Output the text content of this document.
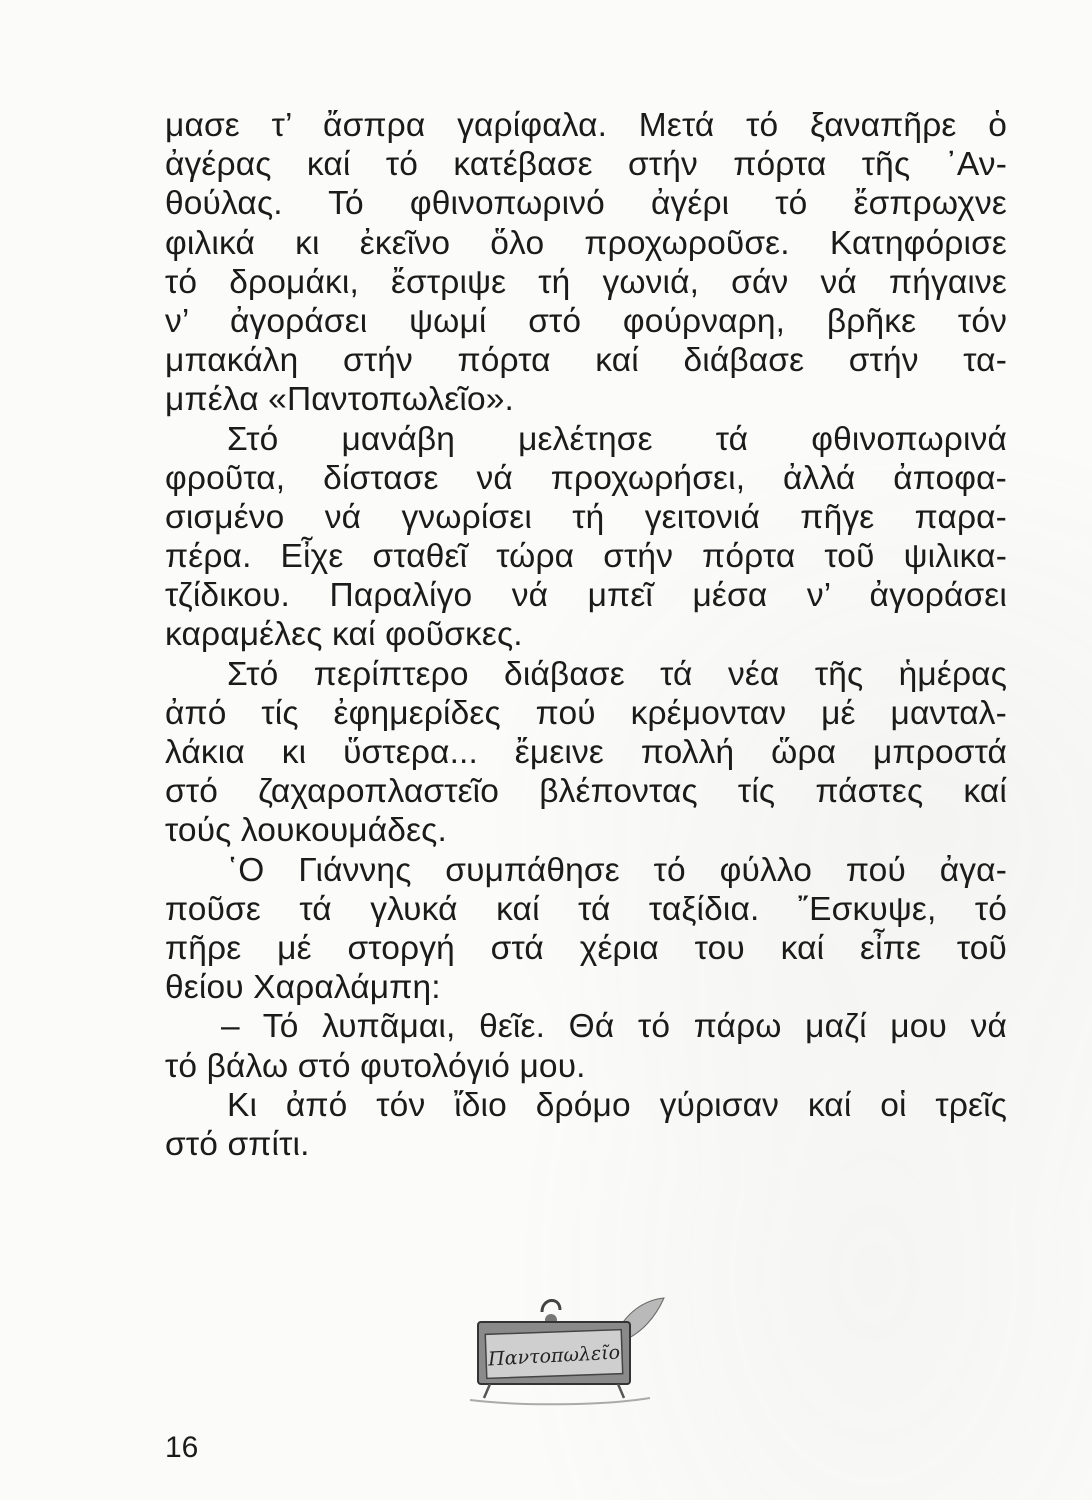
μασε τ’ ἄσπρα γαρίφαλα. Μετά τό ξαναπῆρε ὁ
ἀγέρας καί τό κατέβασε στήν πόρτα τῆς ᾿Αν-
θούλας. Τό φθινοπωρινό ἀγέρι τό ἔσπρωχνε
φιλικά κι ἐκεῖνο ὅλο προχωροῦσε. Κατηφόρισε
τό δρομάκι, ἔστριψε τή γωνιά, σάν νά πήγαινε
ν’ ἀγοράσει ψωμί στό φούρναρη, βρῆκε τόν
μπακάλη στήν πόρτα καί διάβασε στήν τα-
μπέλα «Παντοπωλεῖο».
Στό μανάβη μελέτησε τά φθινοπωρινά
φροῦτα, δίστασε νά προχωρήσει, ἀλλά ἀποφα-
σισμένο νά γνωρίσει τή γειτονιά πῆγε παρα-
πέρα. Εἶχε σταθεῖ τώρα στήν πόρτα τοῦ ψιλικα-
τζίδικου. Παραλίγο νά μπεῖ μέσα ν’ ἀγοράσει
καραμέλες καί φοῦσκες.
Στό περίπτερο διάβασε τά νέα τῆς ἡμέρας
ἀπό τίς ἐφημερίδες πού κρέμονταν μέ μανταλ-
λάκια κι ὕστερα... ἔμεινε πολλή ὥρα μπροστά
στό ζαχαροπλαστεῖο βλέποντας τίς πάστες καί
τούς λουκουμάδες.
῾Ο Γιάννης συμπάθησε τό φύλλο πού ἀγα-
ποῦσε τά γλυκά καί τά ταξίδια. ῎Εσκυψε, τό
πῆρε μέ στοργή στά χέρια του καί εἶπε τοῦ
θείου Χαραλάμπη:
– Τό λυπᾶμαι, θεῖε. Θά τό πάρω μαζί μου νά
τό βάλω στό φυτολόγιό μου.
Κι ἀπό τόν ἴδιο δρόμο γύρισαν καί οἱ τρεῖς
στό σπίτι.
Παντοπωλεῖο
16
